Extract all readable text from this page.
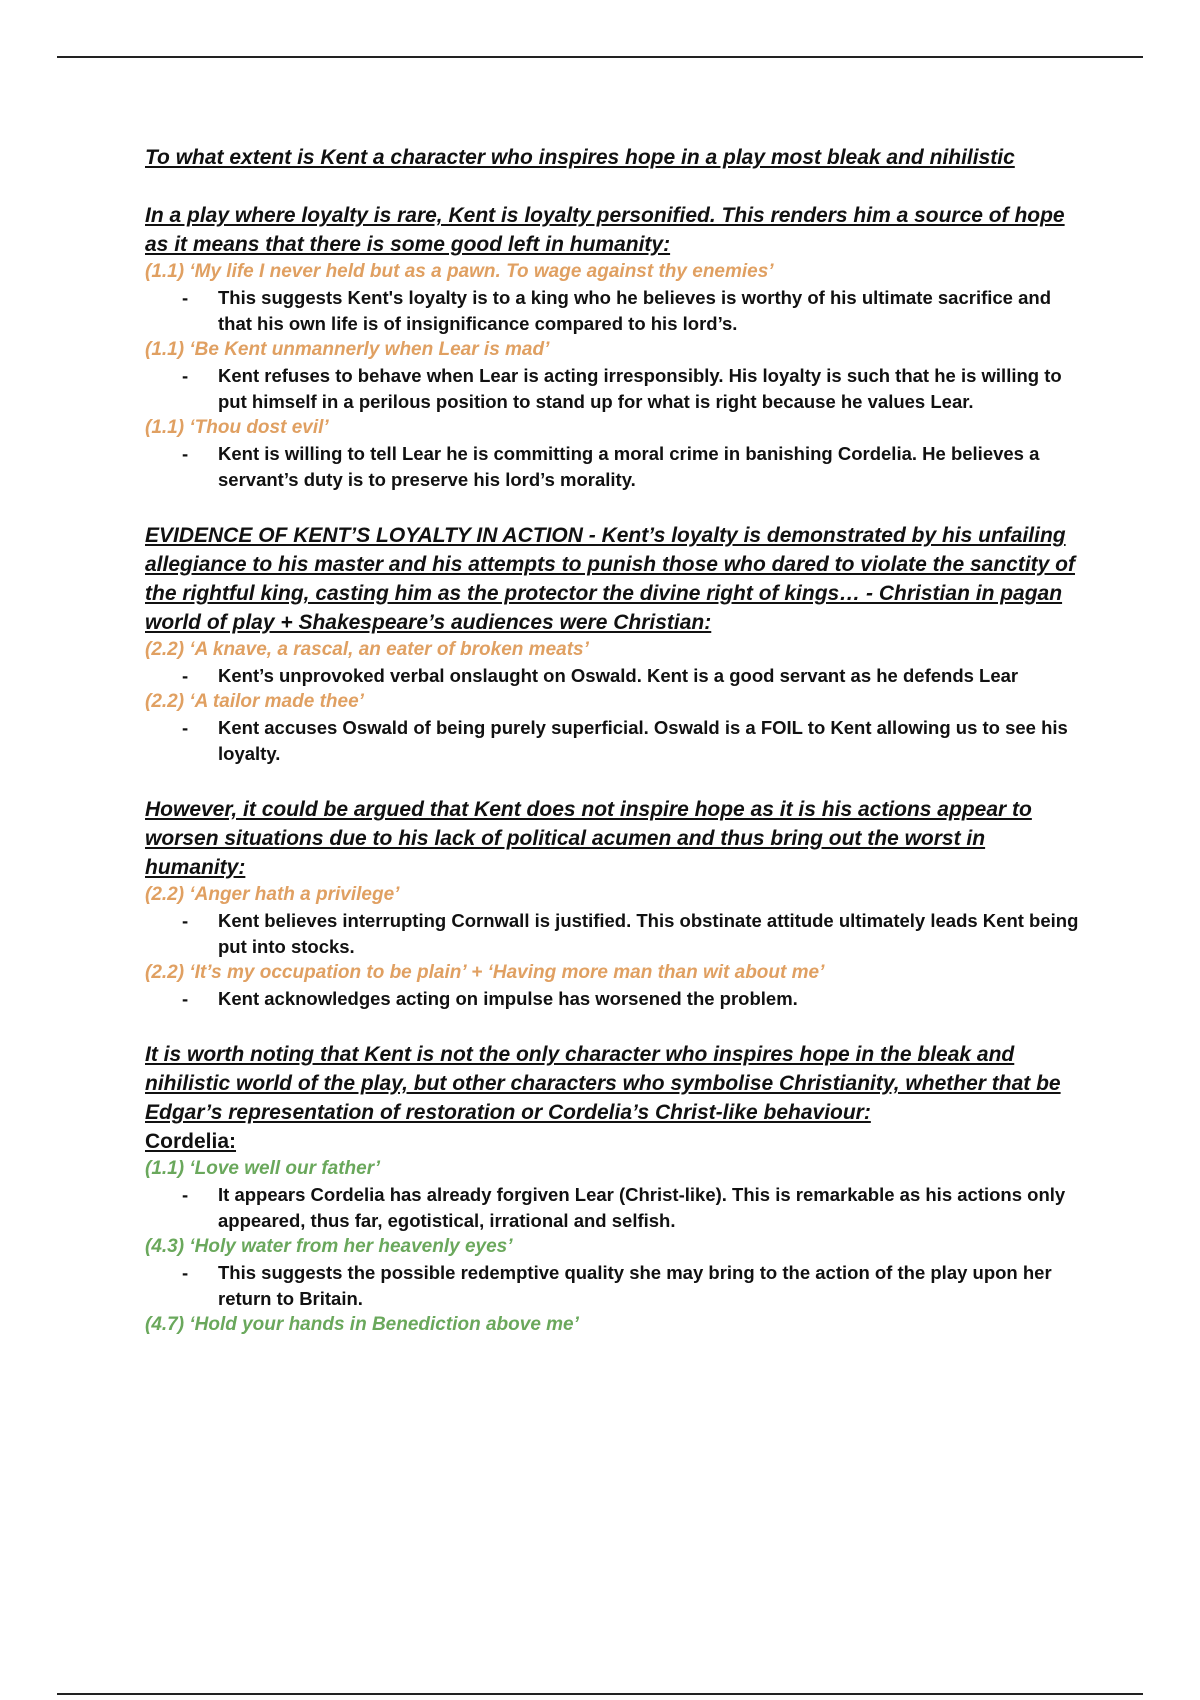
To what extent is Kent a character who inspires hope in a play most bleak and nihilistic

In a play where loyalty is rare, Kent is loyalty personified. This renders him a source of hope as it means that there is some good left in humanity:

(1.1) ‘My life I never held but as a pawn. To wage against thy enemies’

- This suggests Kent's loyalty is to a king who he believes is worthy of his ultimate sacrifice and that his own life is of insignificance compared to his lord’s.

(1.1) ‘Be Kent unmannerly when Lear is mad’

- Kent refuses to behave when Lear is acting irresponsibly. His loyalty is such that he is willing to put himself in a perilous position to stand up for what is right because he values Lear.

(1.1) ‘Thou dost evil’

- Kent is willing to tell Lear he is committing a moral crime in banishing Cordelia. He believes a servant’s duty is to preserve his lord’s morality.

EVIDENCE OF KENT’S LOYALTY IN ACTION - Kent’s loyalty is demonstrated by his unfailing allegiance to his master and his attempts to punish those who dared to violate the sanctity of the rightful king, casting him as the protector the divine right of kings… - Christian in pagan world of play + Shakespeare’s audiences were Christian:

(2.2) ‘A knave, a rascal, an eater of broken meats’

- Kent’s unprovoked verbal onslaught on Oswald. Kent is a good servant as he defends Lear

(2.2) ‘A tailor made thee’

- Kent accuses Oswald of being purely superficial. Oswald is a FOIL to Kent allowing us to see his loyalty.

However, it could be argued that Kent does not inspire hope as it is his actions appear to worsen situations due to his lack of political acumen and thus bring out the worst in humanity:

(2.2) ‘Anger hath a privilege’

- Kent believes interrupting Cornwall is justified. This obstinate attitude ultimately leads Kent being put into stocks.

(2.2) ‘It’s my occupation to be plain’ + ‘Having more man than wit about me’

- Kent acknowledges acting on impulse has worsened the problem.

It is worth noting that Kent is not the only character who inspires hope in the bleak and nihilistic world of the play, but other characters who symbolise Christianity, whether that be Edgar’s representation of restoration or Cordelia’s Christ-like behaviour:

Cordelia:

(1.1) ‘Love well our father’

- It appears Cordelia has already forgiven Lear (Christ-like). This is remarkable as his actions only appeared, thus far, egotistical, irrational and selfish.

(4.3) ‘Holy water from her heavenly eyes’

- This suggests the possible redemptive quality she may bring to the action of the play upon her return to Britain.

(4.7) ‘Hold your hands in Benediction above me’
